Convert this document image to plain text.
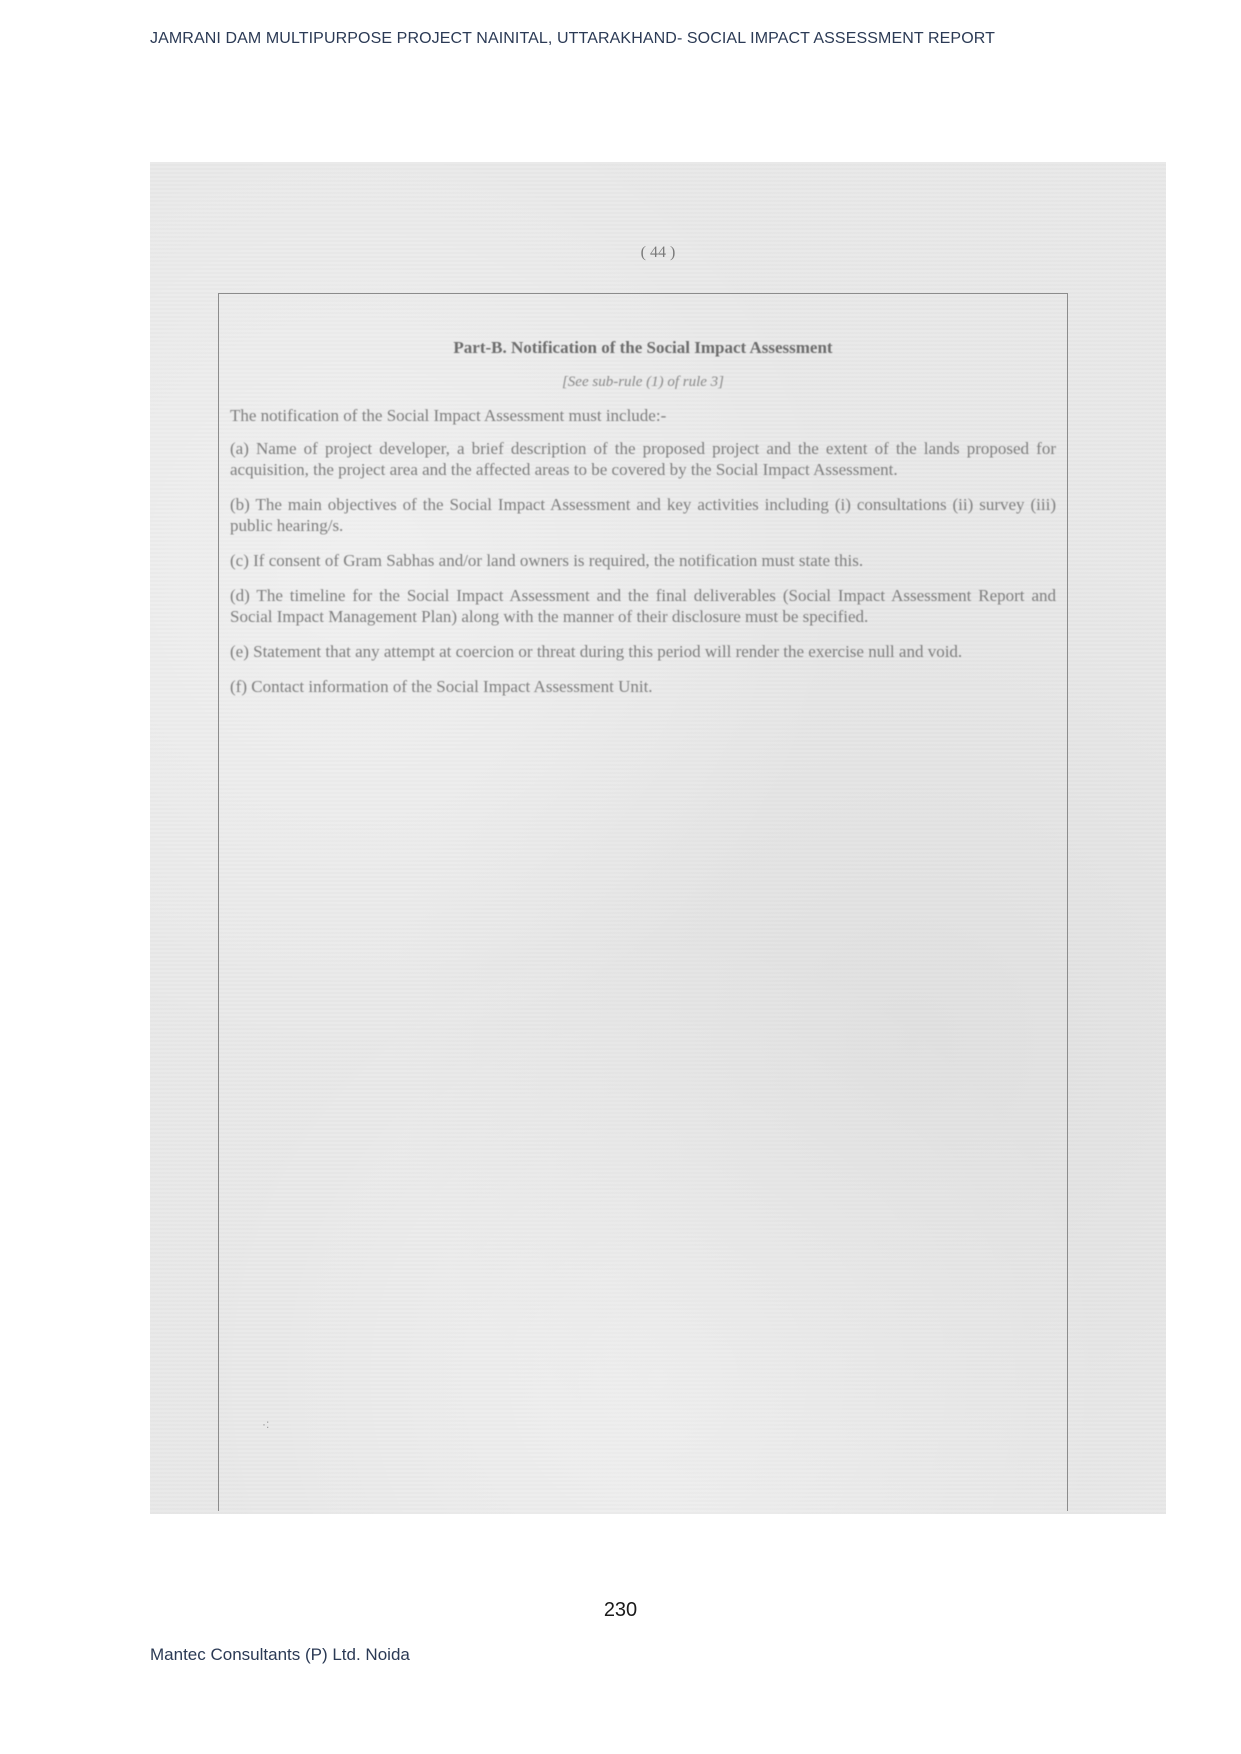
JAMRANI DAM MULTIPURPOSE PROJECT NAINITAL, UTTARAKHAND- SOCIAL IMPACT ASSESSMENT REPORT
( 44 )
Part-B. Notification of the Social Impact Assessment
[See sub-rule (1) of rule 3]
The notification of the Social Impact Assessment must include:-
(a) Name of project developer, a brief description of the proposed project and the extent of the lands proposed for acquisition, the project area and the affected areas to be covered by the Social Impact Assessment.
(b) The main objectives of the Social Impact Assessment and key activities including (i) consultations (ii) survey (iii) public hearing/s.
(c) If consent of Gram Sabhas and/or land owners is required, the notification must state this.
(d) The timeline for the Social Impact Assessment and the final deliverables (Social Impact Assessment Report and Social Impact Management Plan) along with the manner of their disclosure must be specified.
(e) Statement that any attempt at coercion or threat during this period will render the exercise null and void.
(f) Contact information of the Social Impact Assessment Unit.
·:
230
Mantec Consultants (P) Ltd. Noida
